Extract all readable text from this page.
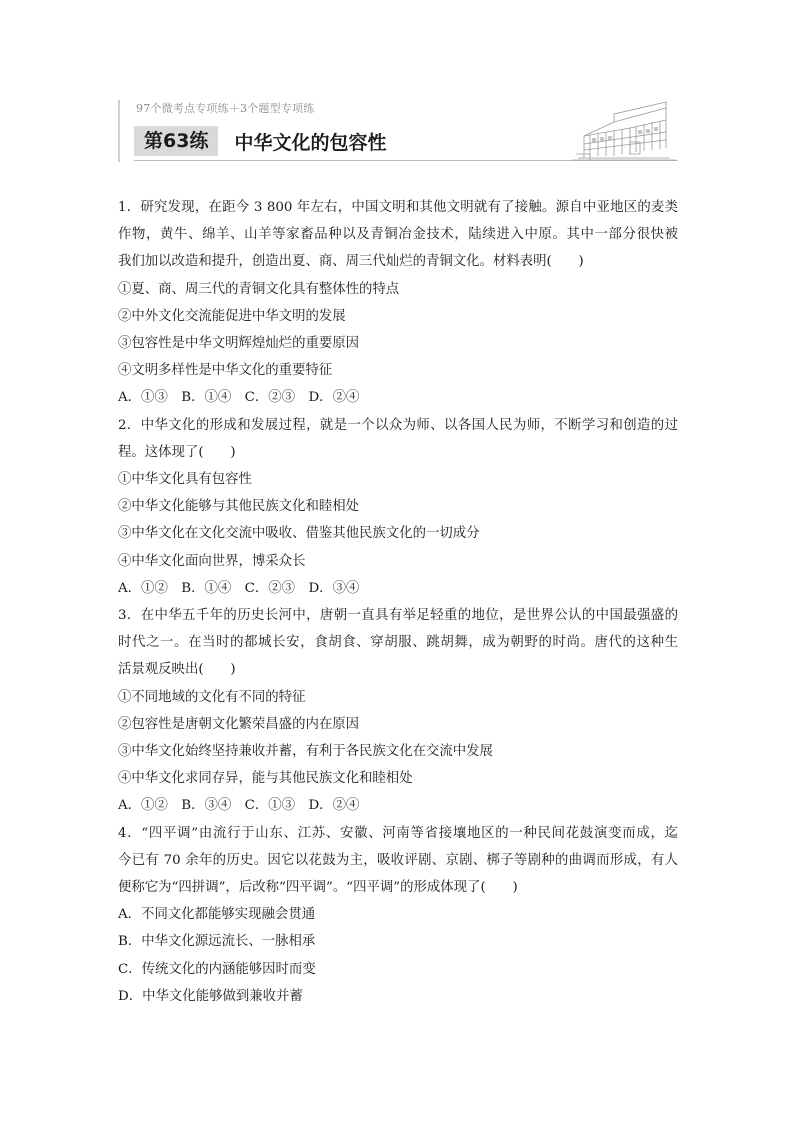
97个微考点专项练＋3个题型专项练
第63练	中华文化的包容性
1．研究发现，在距今 3 800 年左右，中国文明和其他文明就有了接触。源自中亚地区的麦类
作物，黄牛、绵羊、山羊等家畜品种以及青铜冶金技术，陆续进入中原。其中一部分很快被
我们加以改造和提升，创造出夏、商、周三代灿烂的青铜文化。材料表明(　　)
①夏、商、周三代的青铜文化具有整体性的特点
②中外文化交流能促进中华文明的发展
③包容性是中华文明辉煌灿烂的重要原因
④文明多样性是中华文化的重要特征
A．①③　B．①④　C．②③　D．②④
2．中华文化的形成和发展过程，就是一个以众为师、以各国人民为师，不断学习和创造的过
程。这体现了(　　)
①中华文化具有包容性
②中华文化能够与其他民族文化和睦相处
③中华文化在文化交流中吸收、借鉴其他民族文化的一切成分
④中华文化面向世界，博采众长
A．①②　B．①④　C．②③　D．③④
3．在中华五千年的历史长河中，唐朝一直具有举足轻重的地位，是世界公认的中国最强盛的
时代之一。在当时的都城长安，食胡食、穿胡服、跳胡舞，成为朝野的时尚。唐代的这种生
活景观反映出(　　)
①不同地域的文化有不同的特征
②包容性是唐朝文化繁荣昌盛的内在原因
③中华文化始终坚持兼收并蓄，有利于各民族文化在交流中发展
④中华文化求同存异，能与其他民族文化和睦相处
A．①②　B．③④　C．①③　D．②④
4．“四平调”由流行于山东、江苏、安徽、河南等省接壤地区的一种民间花鼓演变而成，迄
今已有 70 余年的历史。因它以花鼓为主，吸收评剧、京剧、梆子等剧种的曲调而形成，有人
便称它为“四拼调”，后改称“四平调”。“四平调”的形成体现了(　　)
A．不同文化都能够实现融会贯通
B．中华文化源远流长、一脉相承
C．传统文化的内涵能够因时而变
D．中华文化能够做到兼收并蓄
